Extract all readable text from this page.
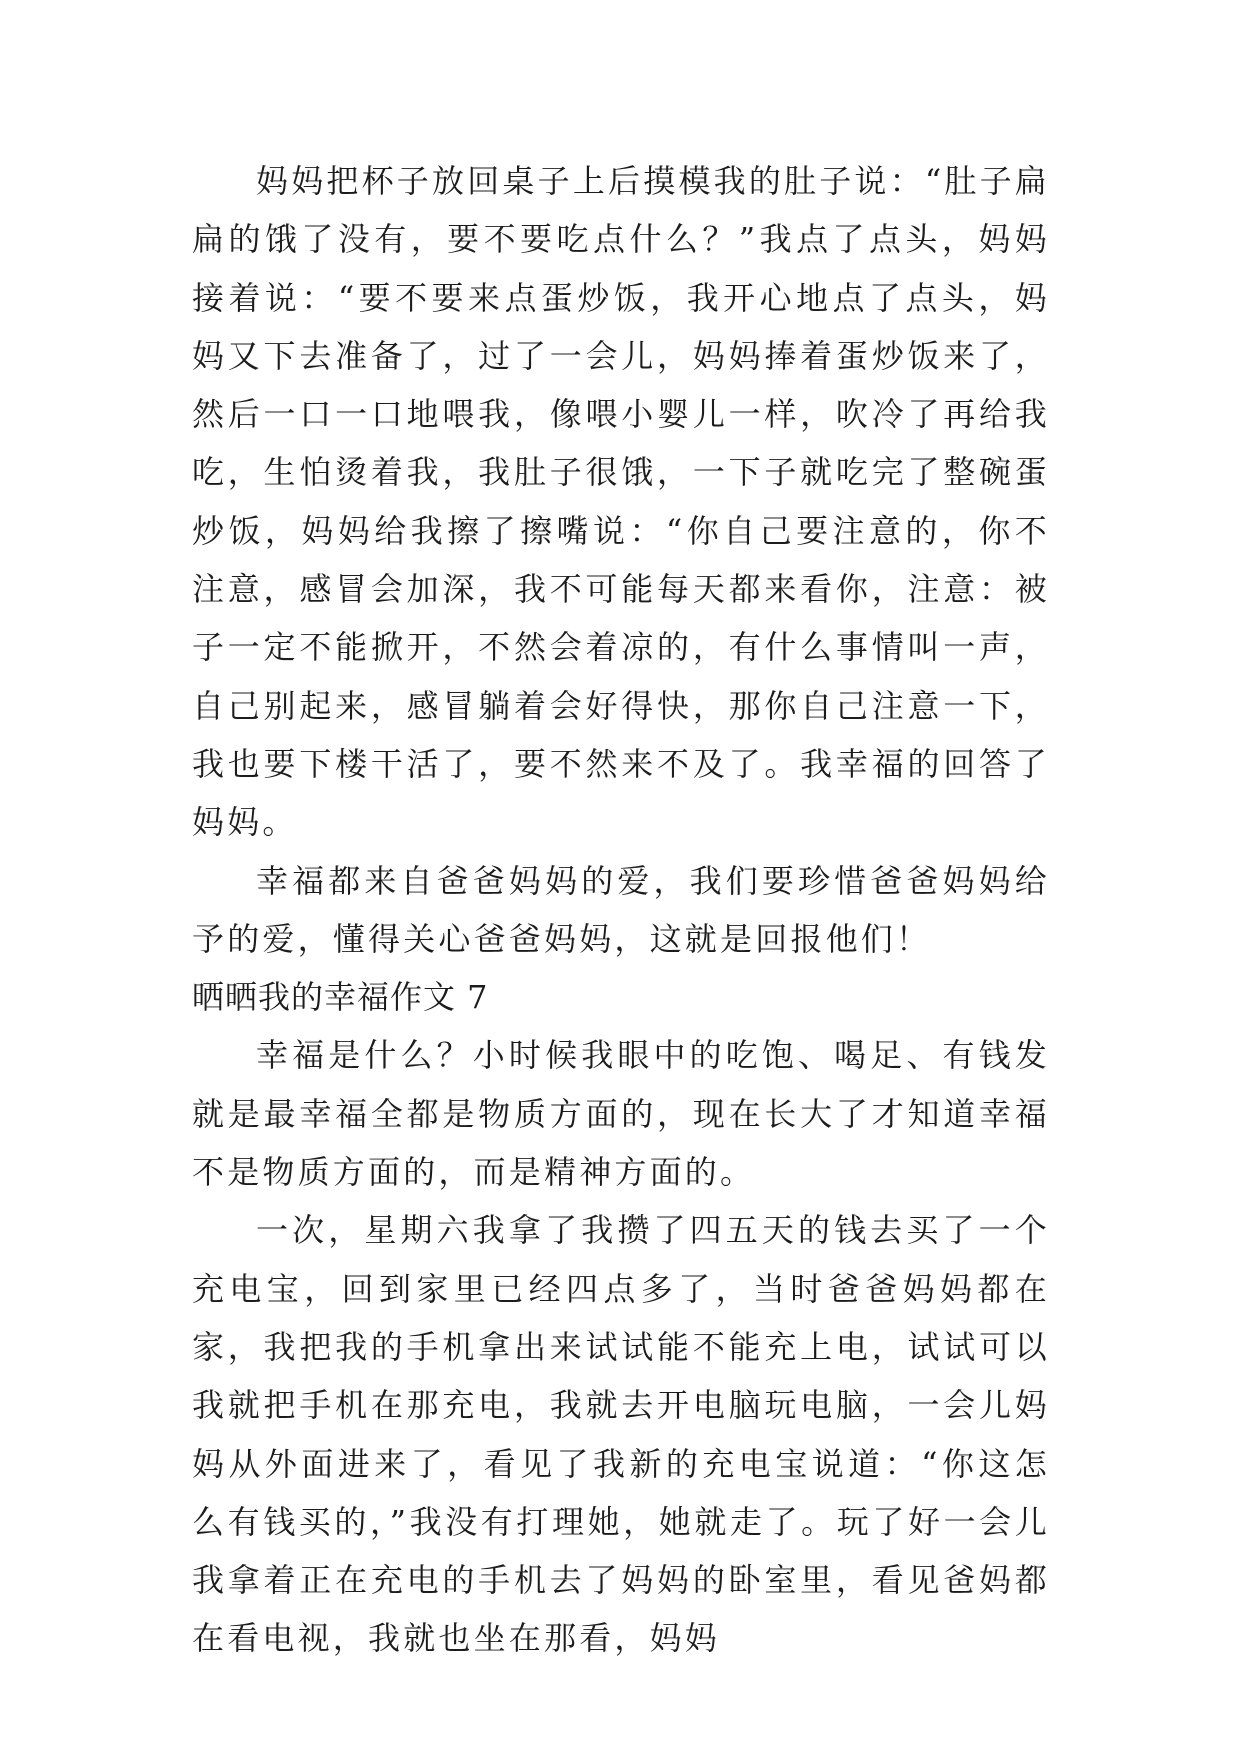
妈妈把杯子放回桌子上后摸模我的肚子说：“肚子扁扁的饿了没有，要不要吃点什么？”我点了点头，妈妈接着说：“要不要来点蛋炒饭，我开心地点了点头，妈妈又下去准备了，过了一会儿，妈妈捧着蛋炒饭来了，然后一口一口地喂我，像喂小婴儿一样，吹冷了再给我吃，生怕烫着我，我肚子很饿，一下子就吃完了整碗蛋炒饭，妈妈给我擦了擦嘴说：“你自己要注意的，你不注意，感冒会加深，我不可能每天都来看你，注意：被子一定不能掀开，不然会着凉的，有什么事情叫一声，自己别起来，感冒躺着会好得快，那你自己注意一下，我也要下楼干活了，要不然来不及了。我幸福的回答了妈妈。

幸福都来自爸爸妈妈的爱，我们要珍惜爸爸妈妈给予的爱，懂得关心爸爸妈妈，这就是回报他们！

晒晒我的幸福作文 7

幸福是什么？小时候我眼中的吃饱、喝足、有钱发就是最幸福全都是物质方面的，现在长大了才知道幸福不是物质方面的，而是精神方面的。

一次，星期六我拿了我攒了四五天的钱去买了一个充电宝，回到家里已经四点多了，当时爸爸妈妈都在家，我把我的手机拿出来试试能不能充上电，试试可以我就把手机在那充电，我就去开电脑玩电脑，一会儿妈妈从外面进来了，看见了我新的充电宝说道：“你这怎么有钱买的，”我没有打理她，她就走了。玩了好一会儿我拿着正在充电的手机去了妈妈的卧室里，看见爸妈都在看电视，我就也坐在那看，妈妈
